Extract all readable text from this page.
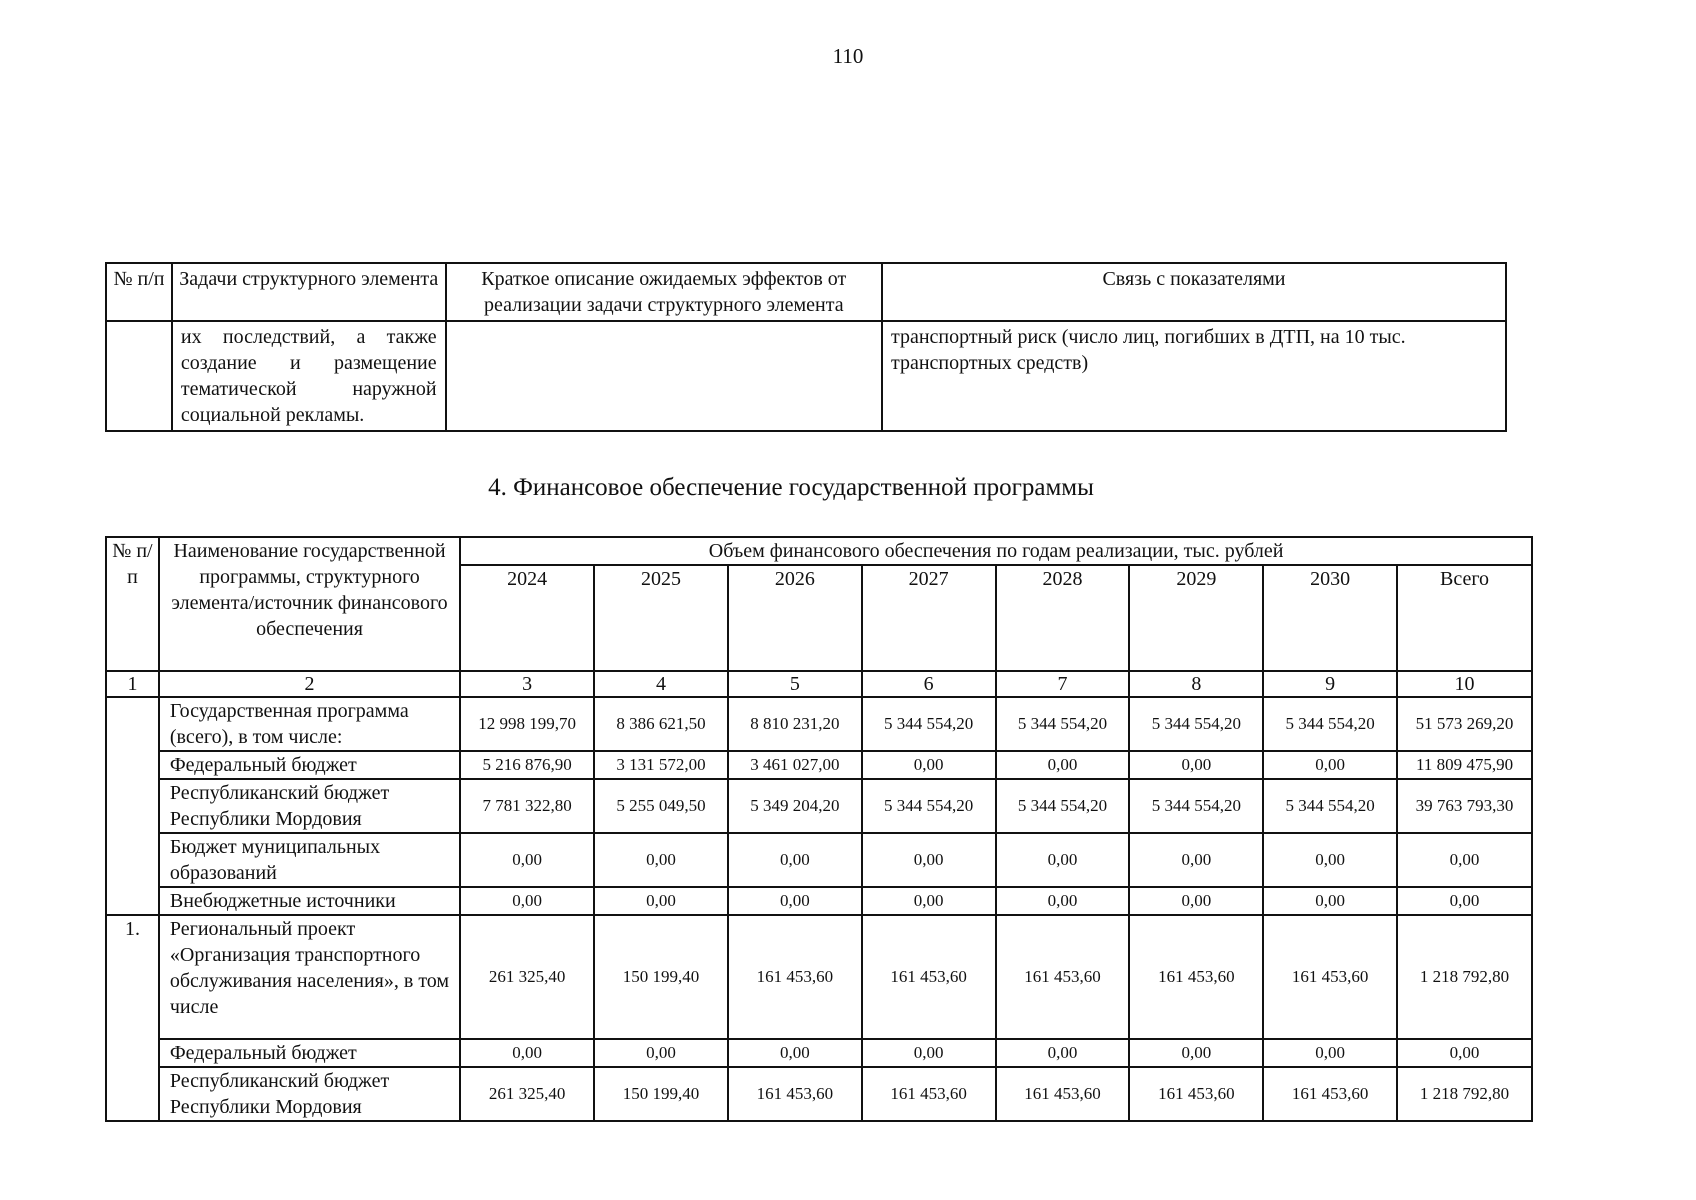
110
№ п/п	Задачи структурного элемента	Краткое описание ожидаемых эффектов от реализации задачи структурного элемента	Связь с показателями

	их последствий, а также
создание и размещение
тематической наружной
социальной рекламы.		транспортный риск (число лиц, погибших в ДТП, на 10 тыс. транспортных средств)
4. Финансовое обеспечение государственной программы
№ п/п	Наименование государственной программы, структурного элемента/источник финансового обеспечения	Объем финансового обеспечения по годам реализации, тыс. рублей							
		2024	2025	2026	2027	2028	2029	2030	Всего
1	2	3	4	5	6	7	8	9	10
	Государственная программа (всего), в том числе:	12 998 199,70	8 386 621,50	8 810 231,20	5 344 554,20	5 344 554,20	5 344 554,20	5 344 554,20	51 573 269,20
	Федеральный бюджет	5 216 876,90	3 131 572,00	3 461 027,00	0,00	0,00	0,00	0,00	11 809 475,90
	Республиканский бюджет Республики Мордовия	7 781 322,80	5 255 049,50	5 349 204,20	5 344 554,20	5 344 554,20	5 344 554,20	5 344 554,20	39 763 793,30
	Бюджет муниципальных образований	0,00	0,00	0,00	0,00	0,00	0,00	0,00	0,00
	Внебюджетные источники	0,00	0,00	0,00	0,00	0,00	0,00	0,00	0,00
1.	Региональный проект «Организация транспортного обслуживания населения», в том числе	261 325,40	150 199,40	161 453,60	161 453,60	161 453,60	161 453,60	161 453,60	1 218 792,80
	Федеральный бюджет	0,00	0,00	0,00	0,00	0,00	0,00	0,00	0,00
	Республиканский бюджет Республики Мордовия	261 325,40	150 199,40	161 453,60	161 453,60	161 453,60	161 453,60	161 453,60	1 218 792,80
